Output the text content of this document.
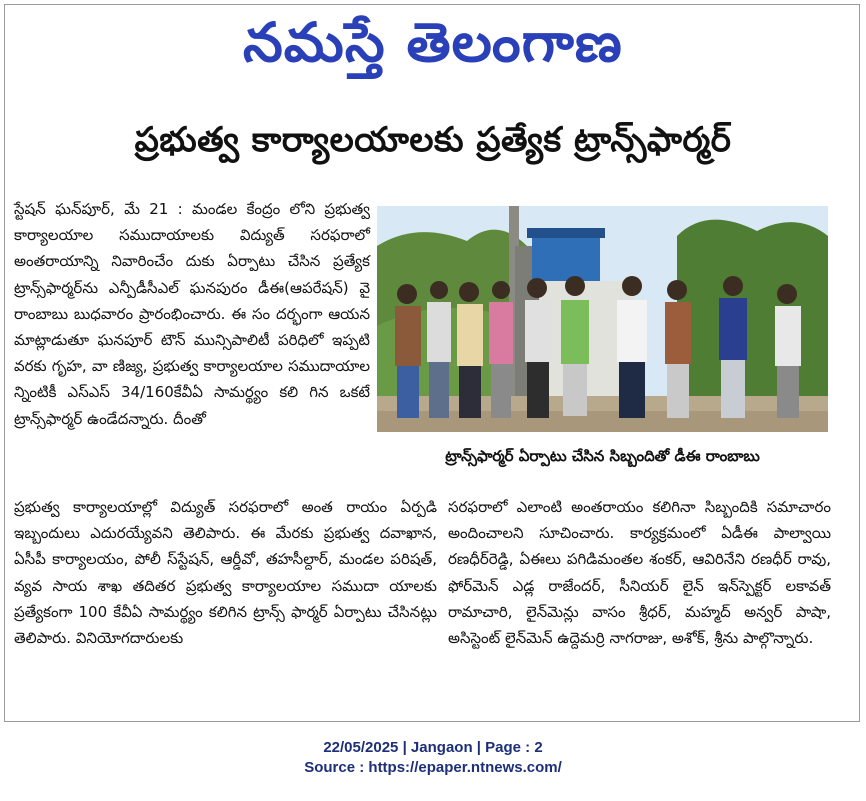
నమస్తే తెలంగాణ
ప్రభుత్వ కార్యాలయాలకు ప్రత్యేక ట్రాన్స్‌ఫార్మర్

స్టేషన్ ఘన్‌పూర్, మే 21 : మండల కేంద్రం లోని ప్రభుత్వ కార్యాలయాల సముదాయాలకు విద్యుత్ సరఫరాలో అంతరాయాన్ని నివారించేం దుకు ఏర్పాటు చేసిన ప్రత్యేక ట్రాన్స్‌ఫార్మర్‌ను ఎన్పీడీసీఎల్ ఘనపురం డీఈ(ఆపరేషన్) వై రాంబాబు బుధవారం ప్రారంభించారు. ఈ సం దర్భంగా ఆయన మాట్లాడుతూ ఘనపూర్ టౌన్ మున్సిపాలిటీ పరిధిలో ఇప్పటి వరకు గృహ, వా ణిజ్య, ప్రభుత్వ కార్యాలయాల సముదాయాల న్నింటికీ ఎస్‌ఎస్ 34/160కేవీఏ సామర్థ్యం కలి గిన ఒకటే ట్రాన్స్‌ఫార్మర్ ఉండేదన్నారు. దీంతో

ట్రాన్స్‌ఫార్మర్ ఏర్పాటు చేసిన సిబ్బందితో డీఈ రాంబాబు

ప్రభుత్వ కార్యాలయాల్లో విద్యుత్ సరఫరాలో అంత రాయం ఏర్పడి ఇబ్బందులు ఎదురయ్యేవని తెలిపారు. ఈ మేరకు ప్రభుత్వ దవాఖాన, ఏసీపీ కార్యాలయం, పోలీ స్‌స్టేషన్, ఆర్డీవో, తహసీల్దార్, మండల పరిషత్, వ్యవ సాయ శాఖ తదితర ప్రభుత్వ కార్యాలయాల సముదా యాలకు ప్రత్యేకంగా 100 కేవీఏ సామర్థ్యం కలిగిన ట్రాన్స్ ఫార్మర్ ఏర్పాటు చేసినట్లు తెలిపారు. వినియోగదారులకు

సరఫరాలో ఎలాంటి అంతరాయం కలిగినా సిబ్బందికి సమాచారం అందించాలని సూచించారు. కార్యక్రమంలో ఏడీఈ పాల్వాయి రణధీర్‌రెడ్డి, ఏఈలు పగిడిమంతల శంకర్, ఆవిరినేని రణధీర్ రావు, ఫోర్‌మెన్ ఎడ్ల రాజేందర్, సీనియర్ లైన్ ఇన్‌స్పెక్టర్ లకావత్ రామాచారి, లైన్‌మెన్లు వాసం శ్రీధర్, మహ్మద్ అన్వర్ పాషా, అసిస్టెంట్ లైన్‌మెన్ ఉద్దెమర్రి నాగరాజు, అశోక్, శ్రీను పాల్గొన్నారు.

22/05/2025 | Jangaon | Page : 2
Source : https://epaper.ntnews.com/
